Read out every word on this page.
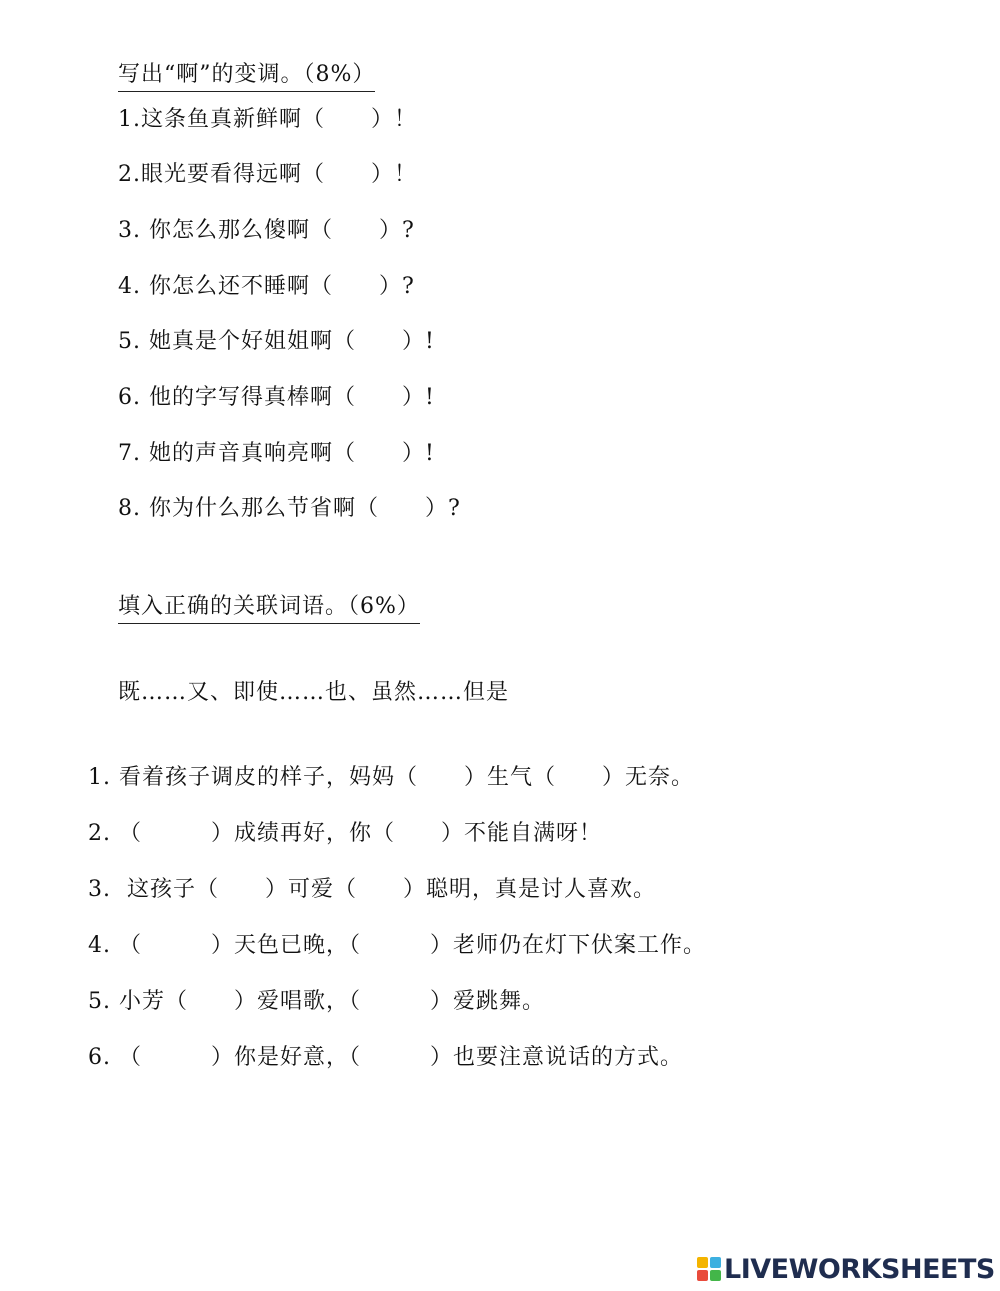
写出“啊”的变调。（8%）
1.这条鱼真新鲜啊（　　）！
2.眼光要看得远啊（　　）！
3. 你怎么那么傻啊（　　）?
4. 你怎么还不睡啊（　　）?
5. 她真是个好姐姐啊（　　）!
6. 他的字写得真棒啊（　　）!
7. 她的声音真响亮啊（　　）!
8. 你为什么那么节省啊（　　）?
填入正确的关联词语。（6%）
既……又、即使……也、虽然……但是
1. 看着孩子调皮的样子，妈妈（　　）生气（　　）无奈。
2. （　　　）成绩再好，你（　　）不能自满呀！
3.  这孩子（　　）可爱（　　）聪明，真是讨人喜欢。
4. （　　　）天色已晚，（　　　）老师仍在灯下伏案工作。
5. 小芳（　　）爱唱歌，（　　　）爱跳舞。
6. （　　　）你是好意，（　　　）也要注意说话的方式。
LIVEWORKSHEETS
